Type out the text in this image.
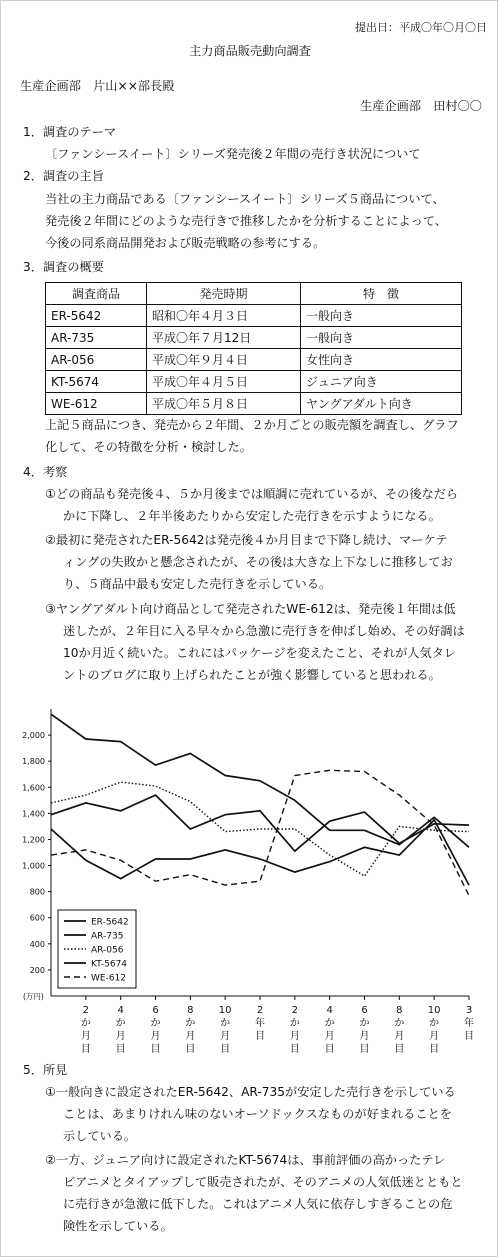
提出日：平成〇年〇月〇日
主力商品販売動向調査
生産企画部　片山××部長殿
生産企画部　田村〇〇
1．調査のテーマ
〔ファンシースイート〕シリーズ発売後２年間の売行き状況について
2．調査の主旨
当社の主力商品である〔ファンシースイート〕シリーズ５商品について、
発売後２年間にどのような売行きで推移したかを分析することによって、
今後の同系商品開発および販売戦略の参考にする。
3．調査の概要
調査商品	発売時期	特　徴
ER-5642	昭和〇年４月３日	一般向き
AR-735	平成〇年７月12日	一般向き
AR-056	平成〇年９月４日	女性向き
KT-5674	平成〇年４月５日	ジュニア向き
WE-612	平成〇年５月８日	ヤングアダルト向き
上記５商品につき、発売から２年間、２か月ごとの販売額を調査し、グラフ
化して、その特徴を分析・検討した。
4．考察
①どの商品も発売後４、５か月後までは順調に売れているが、その後なだら
かに下降し、２年半後あたりから安定した売行きを示すようになる。
②最初に発売されたER-5642は発売後４か月目まで下降し続け、マーケテ
ィングの失敗かと懸念されたが、その後は大きな上下なしに推移してお
り、５商品中最も安定した売行きを示している。
③ヤングアダルト向け商品として発売されたWE-612は、発売後１年間は低
迷したが、２年目に入る早々から急激に売行きを伸ばし始め、その好調は
10か月近く続いた。これにはパッケージを変えたこと、それが人気タレ
ントのブログに取り上げられたことが強く影響していると思われる。
200
400
600
800
1,000
1,200
1,400
1,600
1,800
2,000
(万円)
2
か
月
目
4
か
月
目
6
か
月
目
8
か
月
目
10
か
月
目
2
年
目
2
か
月
目
4
か
月
目
6
か
月
目
8
か
月
目
10
か
月
目
3
年
目
ER-5642
AR-735
AR-056
KT-5674
WE-612
5．所見
①一般向きに設定されたER-5642、AR-735が安定した売行きを示している
ことは、あまりけれん味のないオーソドックスなものが好まれることを
示している。
②一方、ジュニア向けに設定されたKT-5674は、事前評価の高かったテレ
ビアニメとタイアップして販売されたが、そのアニメの人気低迷とともと
に売行きが急激に低下した。これはアニメ人気に依存しすぎることの危
険性を示している。
